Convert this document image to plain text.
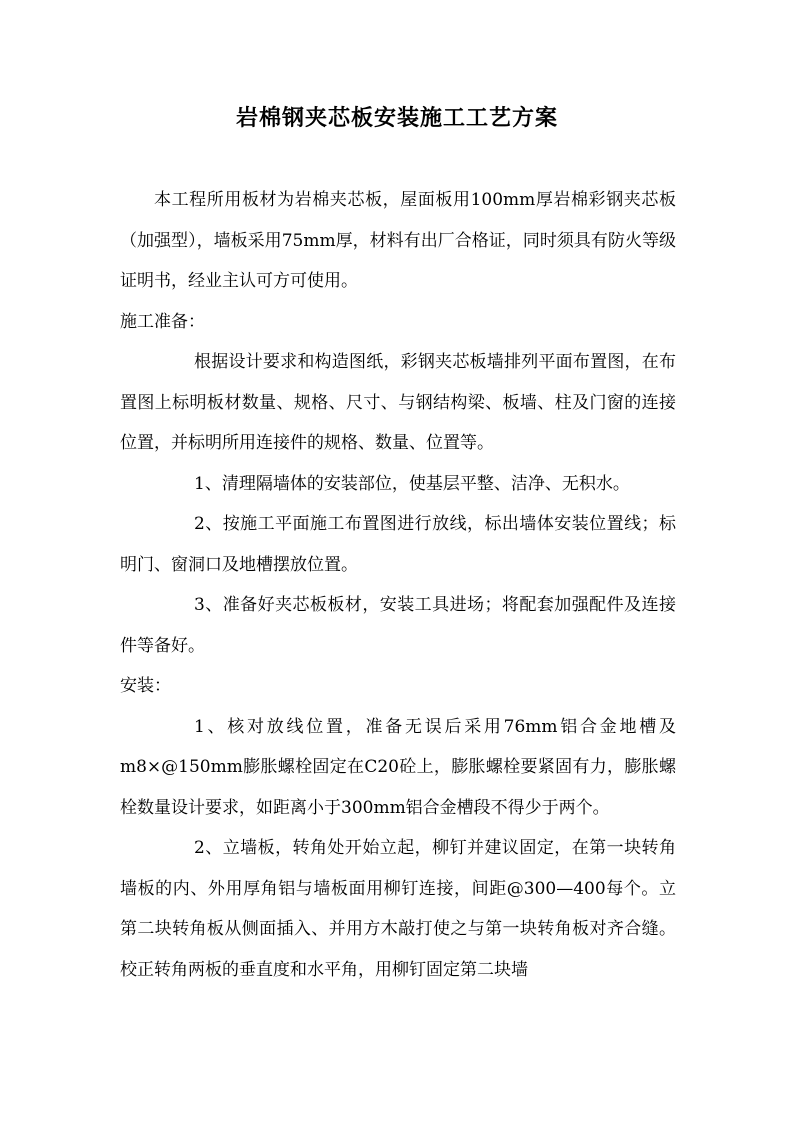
岩棉钢夹芯板安装施工工艺方案

本工程所用板材为岩棉夹芯板，屋面板用100mm厚岩棉彩钢夹芯板（加强型），墙板采用75mm厚，材料有出厂合格证，同时须具有防火等级证明书，经业主认可方可使用。

施工准备：

根据设计要求和构造图纸，彩钢夹芯板墙排列平面布置图，在布置图上标明板材数量、规格、尺寸、与钢结构梁、板墙、柱及门窗的连接位置，并标明所用连接件的规格、数量、位置等。

1、清理隔墙体的安装部位，使基层平整、洁净、无积水。

2、按施工平面施工布置图进行放线，标出墙体安装位置线；标明门、窗洞口及地槽摆放位置。

3、准备好夹芯板板材，安装工具进场；将配套加强配件及连接件等备好。

安装：

1、核对放线位置，准备无误后采用76mm铝合金地槽及m8×@150mm膨胀螺栓固定在C20砼上，膨胀螺栓要紧固有力，膨胀螺栓数量设计要求，如距离小于300mm铝合金槽段不得少于两个。

2、立墙板，转角处开始立起，柳钉并建议固定，在第一块转角墙板的内、外用厚角铝与墙板面用柳钉连接，间距@300—400每个。立第二块转角板从侧面插入、并用方木敲打使之与第一块转角板对齐合缝。校正转角两板的垂直度和水平角，用柳钉固定第二块墙
